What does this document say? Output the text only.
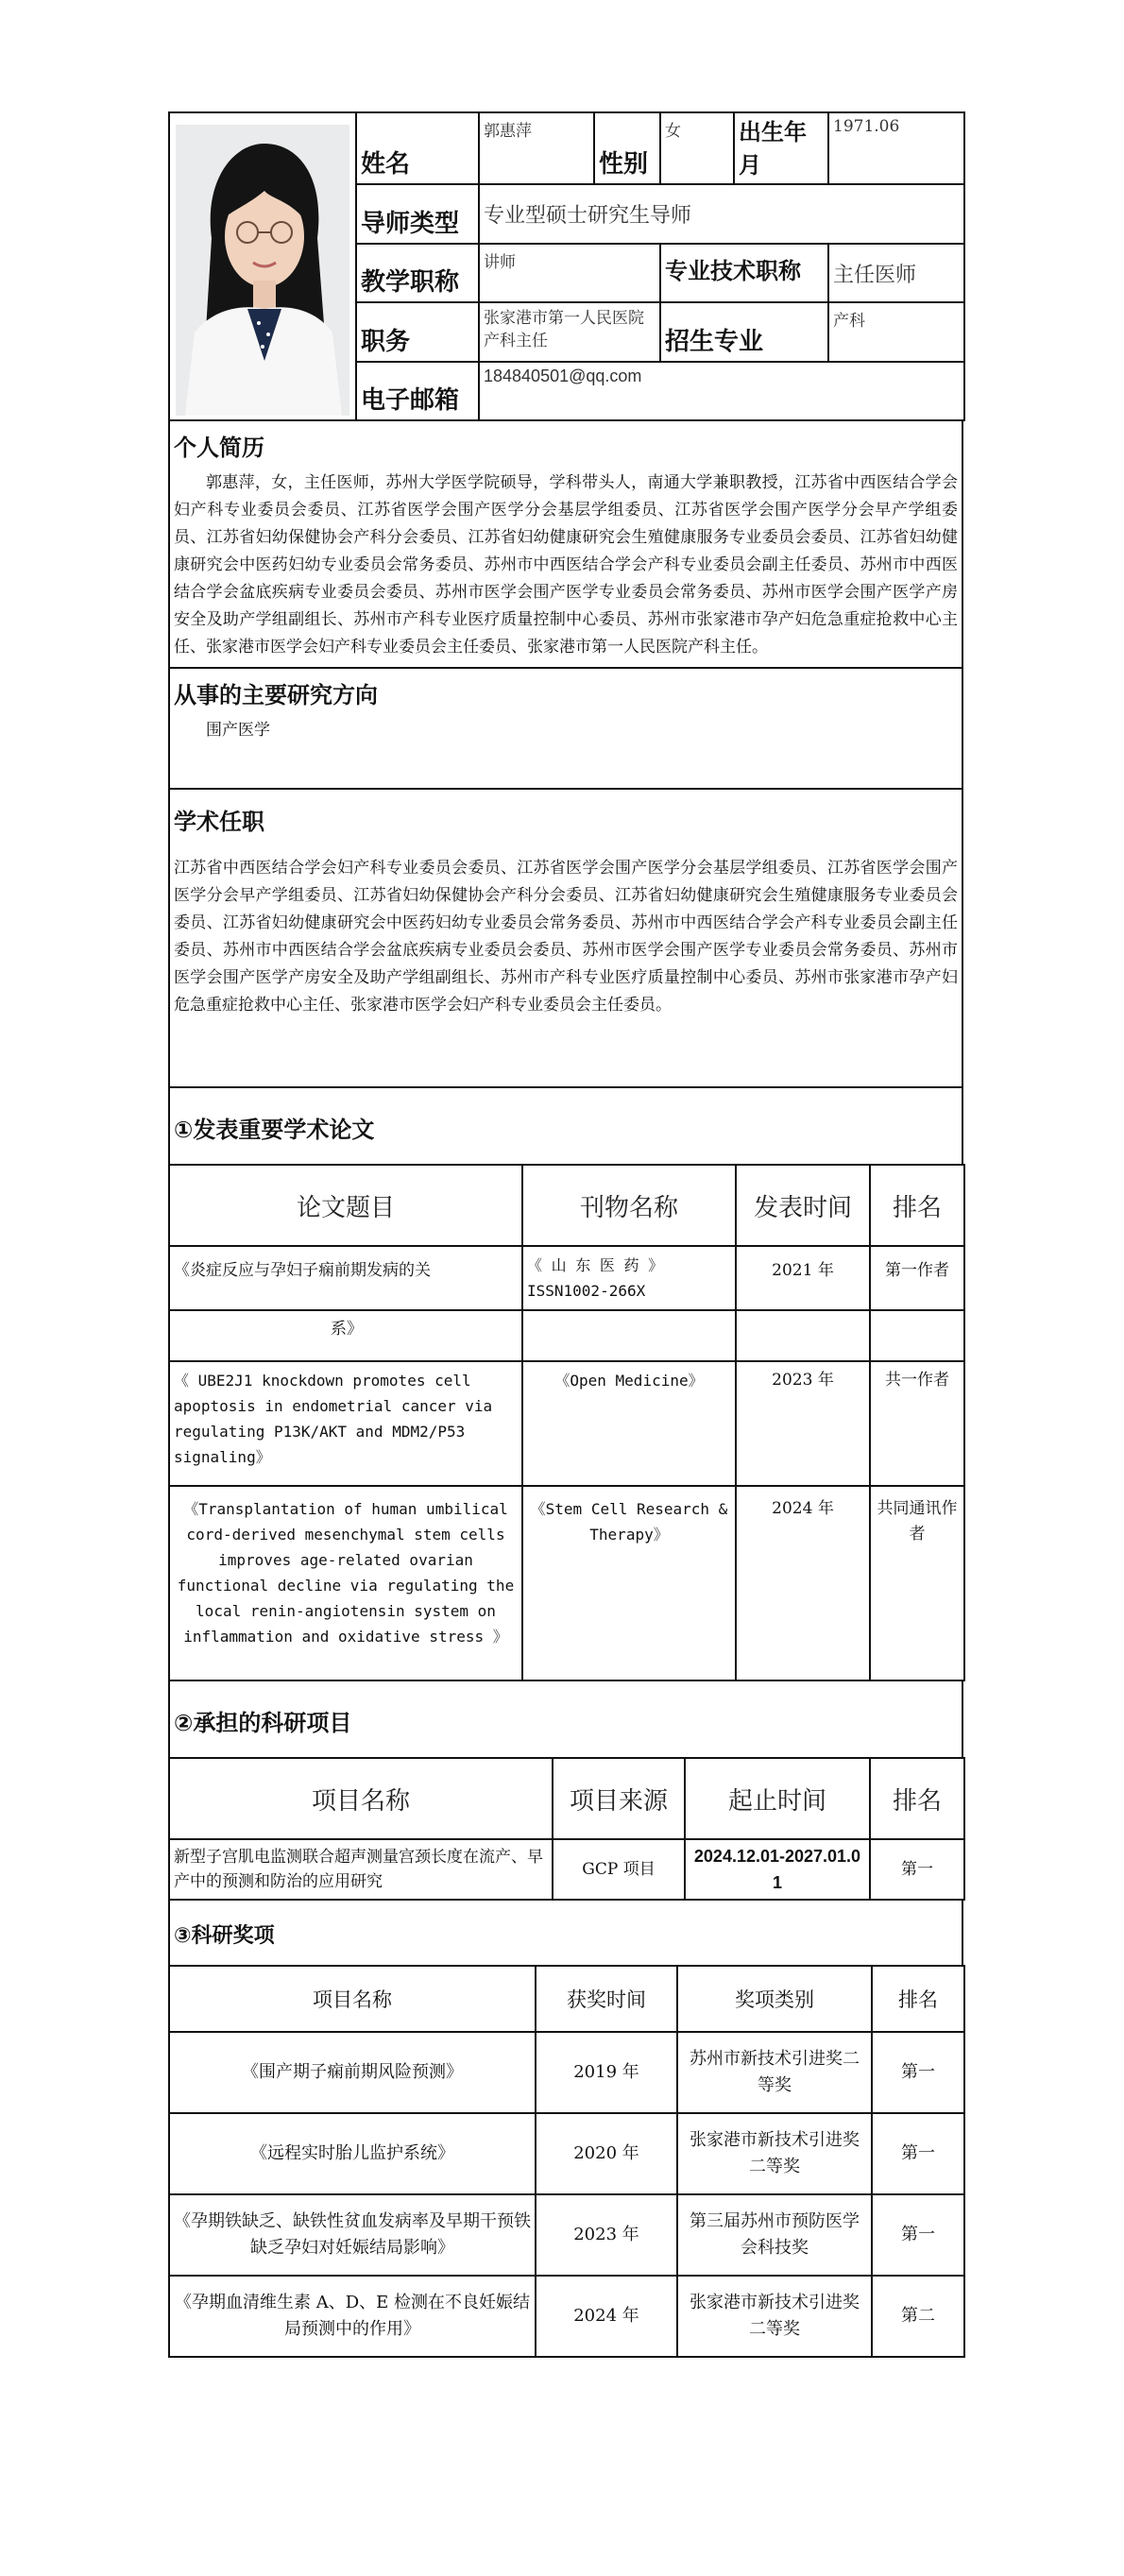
	姓名	郭惠萍	性别	女	出生年月	1971.06
	导师类型	专业型硕士研究生导师				
	教学职称	讲师		专业技术职称		主任医师
	职务	张家港市第一人民医院产科主任		招生专业		产科
	电子邮箱	184840501@qq.com				
个人简历
郭惠萍，女，主任医师，苏州大学医学院硕导，学科带头人，南通大学兼职教授，江苏省中西医结合学会妇产科专业委员会委员、江苏省医学会围产医学分会基层学组委员、江苏省医学会围产医学分会早产学组委员、江苏省妇幼保健协会产科分会委员、江苏省妇幼健康研究会生殖健康服务专业委员会委员、江苏省妇幼健康研究会中医药妇幼专业委员会常务委员、苏州市中西医结合学会产科专业委员会副主任委员、苏州市中西医结合学会盆底疾病专业委员会委员、苏州市医学会围产医学专业委员会常务委员、苏州市医学会围产医学产房安全及助产学组副组长、苏州市产科专业医疗质量控制中心委员、苏州市张家港市孕产妇危急重症抢救中心主任、张家港市医学会妇产科专业委员会主任委员、张家港市第一人民医院产科主任。

从事的主要研究方向
围产医学

学术任职
江苏省中西医结合学会妇产科专业委员会委员、江苏省医学会围产医学分会基层学组委员、江苏省医学会围产医学分会早产学组委员、江苏省妇幼保健协会产科分会委员、江苏省妇幼健康研究会生殖健康服务专业委员会委员、江苏省妇幼健康研究会中医药妇幼专业委员会常务委员、苏州市中西医结合学会产科专业委员会副主任委员、苏州市中西医结合学会盆底疾病专业委员会委员、苏州市医学会围产医学专业委员会常务委员、苏州市医学会围产医学产房安全及助产学组副组长、苏州市产科专业医疗质量控制中心委员、苏州市张家港市孕产妇危急重症抢救中心主任、张家港市医学会妇产科专业委员会主任委员。

①发表重要学术论文
论文题目	刊物名称	发表时间	排名
《炎症反应与孕妇子痫前期发病的关	《 山 东 医 药 》 ISSN1002-266X	2021 年	第一作者
系》			
《 UBE2J1 knockdown promotes cell apoptosis in endometrial cancer via regulating P13K/AKT and MDM2/P53 signaling》	《Open Medicine》	2023 年	共一作者
《Transplantation of human umbilical cord-derived mesenchymal stem cells improves age-related ovarian functional decline via regulating the local renin-angiotensin system on inflammation and oxidative stress 》	《Stem Cell Research & Therapy》	2024 年	共同通讯作者
②承担的科研项目
项目名称	项目来源	起止时间	排名
新型子宫肌电监测联合超声测量宫颈长度在流产、早产中的预测和防治的应用研究	GCP 项目	2024.12.01-2027.01.01	第一
③科研奖项
项目名称	获奖时间	奖项类别	排名
《围产期子痫前期风险预测》	2019 年	苏州市新技术引进奖二等奖	第一
《远程实时胎儿监护系统》	2020 年	张家港市新技术引进奖二等奖	第一
《孕期铁缺乏、缺铁性贫血发病率及早期干预铁缺乏孕妇对妊娠结局影响》	2023 年	第三届苏州市预防医学会科技奖	第一
《孕期血清维生素 A、D、E 检测在不良妊娠结局预测中的作用》	2024 年	张家港市新技术引进奖二等奖	第二
